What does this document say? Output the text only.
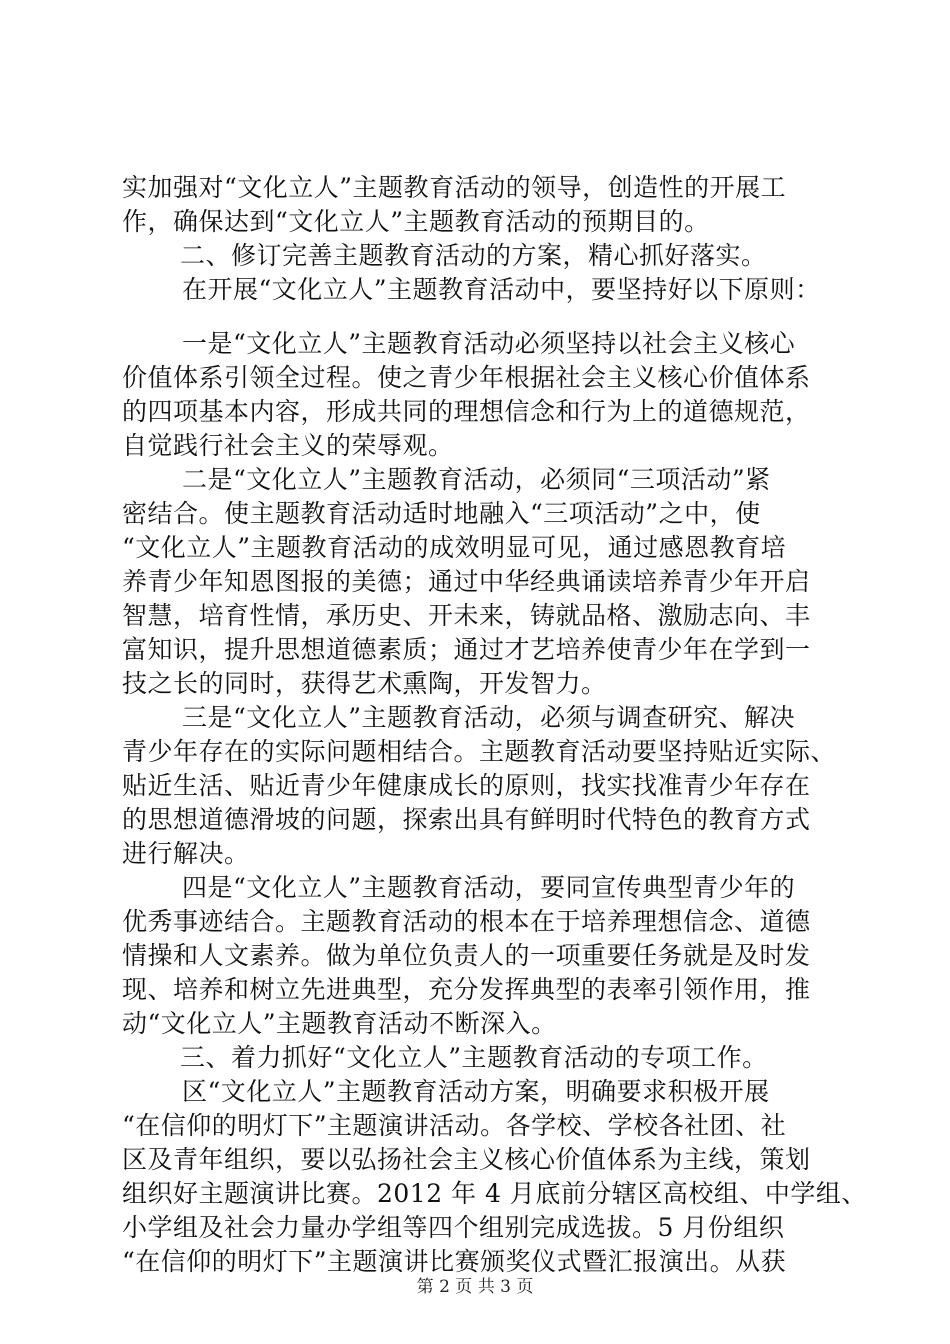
实加强对“文化立人”主题教育活动的领导，创造性的开展工
作，确保达到“文化立人”主题教育活动的预期目的。
二、修订完善主题教育活动的方案，精心抓好落实。
在开展“文化立人”主题教育活动中，要坚持好以下原则：
一是“文化立人”主题教育活动必须坚持以社会主义核心
价值体系引领全过程。使之青少年根据社会主义核心价值体系
的四项基本内容，形成共同的理想信念和行为上的道德规范，
自觉践行社会主义的荣辱观。
二是“文化立人”主题教育活动，必须同“三项活动”紧
密结合。使主题教育活动适时地融入“三项活动”之中，使
“文化立人”主题教育活动的成效明显可见，通过感恩教育培
养青少年知恩图报的美德；通过中华经典诵读培养青少年开启
智慧，培育性情，承历史、开未来，铸就品格、激励志向、丰
富知识，提升思想道德素质；通过才艺培养使青少年在学到一
技之长的同时，获得艺术熏陶，开发智力。
三是“文化立人”主题教育活动，必须与调查研究、解决
青少年存在的实际问题相结合。主题教育活动要坚持贴近实际、
贴近生活、贴近青少年健康成长的原则，找实找准青少年存在
的思想道德滑坡的问题，探索出具有鲜明时代特色的教育方式
进行解决。
四是“文化立人”主题教育活动，要同宣传典型青少年的
优秀事迹结合。主题教育活动的根本在于培养理想信念、道德
情操和人文素养。做为单位负责人的一项重要任务就是及时发
现、培养和树立先进典型，充分发挥典型的表率引领作用，推
动“文化立人”主题教育活动不断深入。
三、着力抓好“文化立人”主题教育活动的专项工作。
区“文化立人”主题教育活动方案，明确要求积极开展
“在信仰的明灯下”主题演讲活动。各学校、学校各社团、社
区及青年组织，要以弘扬社会主义核心价值体系为主线，策划
组织好主题演讲比赛。2012 年 4 月底前分辖区高校组、中学组、
小学组及社会力量办学组等四个组别完成选拔。5 月份组织
“在信仰的明灯下”主题演讲比赛颁奖仪式暨汇报演出。从获
第 2 页 共 3 页
